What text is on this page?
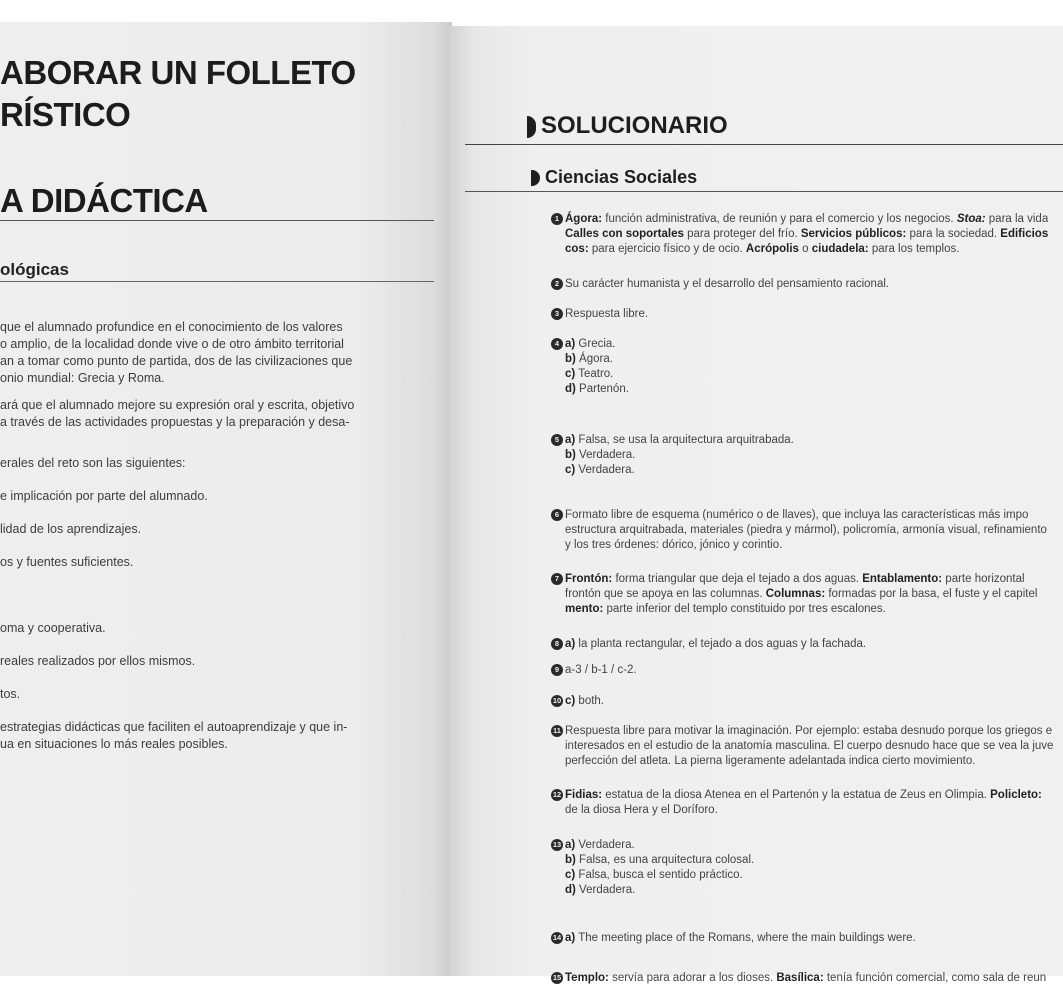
ABORAR UN FOLLETO
RÍSTICO
A DIDÁCTICA
ológicas

que el alumnado profundice en el conocimiento de los valores

o amplio, de la localidad donde vive o de otro ámbito territorial

an a tomar como punto de partida, dos de las civilizaciones que

onio mundial: Grecia y Roma.

ará que el alumnado mejore su expresión oral y escrita, objetivo

a través de las actividades propuestas y la preparación y desa-

erales del reto son las siguientes:

e implicación por parte del alumnado.

lidad de los aprendizajes.

os y fuentes suficientes.

oma y cooperativa.

reales realizados por ellos mismos.

tos.

estrategias didácticas que faciliten el autoaprendizaje y que in-

ua en situaciones lo más reales posibles.

SOLUCIONARIO
Ciencias Sociales
1 Ágora: función administrativa, de reunión y para el comercio y los negocios. Stoa: para la vida
Calles con soportales para proteger del frío. Servicios públicos: para la sociedad. Edificios
cos: para ejercicio físico y de ocio. Acrópolis o ciudadela: para los templos.
2 Su carácter humanista y el desarrollo del pensamiento racional.
3 Respuesta libre.
4 a) Grecia.
b) Ágora.
c) Teatro.
d) Partenón.
5 a) Falsa, se usa la arquitectura arquitrabada.
b) Verdadera.
c) Verdadera.
6 Formato libre de esquema (numérico o de llaves), que incluya las características más impo
estructura arquitrabada, materiales (piedra y mármol), policromía, armonía visual, refinamiento
y los tres órdenes: dórico, jónico y corintio.
7 Frontón: forma triangular que deja el tejado a dos aguas. Entablamento: parte horizontal
frontón que se apoya en las columnas. Columnas: formadas por la basa, el fuste y el capitel
mento: parte inferior del templo constituido por tres escalones.
8 a) la planta rectangular, el tejado a dos aguas y la fachada.
9 a-3 / b-1 / c-2.
10 c) both.
11 Respuesta libre para motivar la imaginación. Por ejemplo: estaba desnudo porque los griegos e
interesados en el estudio de la anatomía masculina. El cuerpo desnudo hace que se vea la juve
perfección del atleta. La pierna ligeramente adelantada indica cierto movimiento.
12 Fidias: estatua de la diosa Atenea en el Partenón y la estatua de Zeus en Olimpia. Policleto:
de la diosa Hera y el Doríforo.
13 a) Verdadera.
b) Falsa, es una arquitectura colosal.
c) Falsa, busca el sentido práctico.
d) Verdadera.
14 a) The meeting place of the Romans, where the main buildings were.
15 Templo: servía para adorar a los dioses. Basílica: tenía función comercial, como sala de reun
